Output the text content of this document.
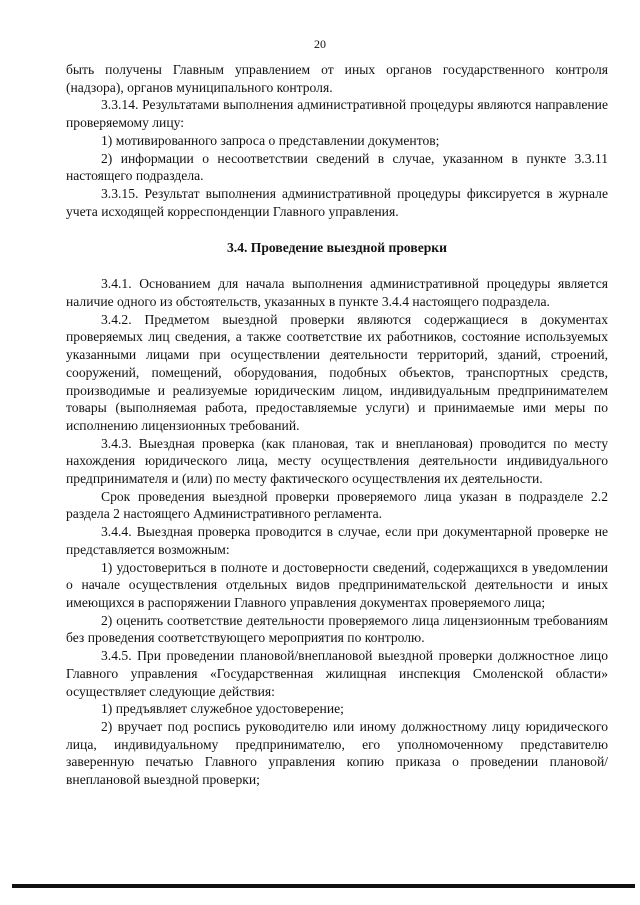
20

быть получены Главным управлением от иных органов государственного контроля (надзора), органов муниципального контроля.

3.3.14. Результатами выполнения административной процедуры являются направление проверяемому лицу:

1) мотивированного запроса о представлении документов;

2) информации о несоответствии сведений в случае, указанном в пункте 3.3.11 настоящего подраздела.

3.3.15. Результат выполнения административной процедуры фиксируется в журнале учета исходящей корреспонденции Главного управления.

3.4. Проведение выездной проверки

3.4.1. Основанием для начала выполнения административной процедуры является наличие одного из обстоятельств, указанных в пункте 3.4.4 настоящего подраздела.

3.4.2. Предметом выездной проверки являются содержащиеся в документах проверяемых лиц сведения, а также соответствие их работников, состояние используемых указанными лицами при осуществлении деятельности территорий, зданий, строений, сооружений, помещений, оборудования, подобных объектов, транспортных средств, производимые и реализуемые юридическим лицом, индивидуальным предпринимателем товары (выполняемая работа, предоставляемые услуги) и принимаемые ими меры по исполнению лицензионных требований.

3.4.3. Выездная проверка (как плановая, так и внеплановая) проводится по месту нахождения юридического лица, месту осуществления деятельности индивидуального предпринимателя и (или) по месту фактического осуществления их деятельности.

Срок проведения выездной проверки проверяемого лица указан в подразделе 2.2 раздела 2 настоящего Административного регламента.

3.4.4. Выездная проверка проводится в случае, если при документарной проверке не представляется возможным:

1) удостовериться в полноте и достоверности сведений, содержащихся в уведомлении о начале осуществления отдельных видов предпринимательской деятельности и иных имеющихся в распоряжении Главного управления документах проверяемого лица;

2) оценить соответствие деятельности проверяемого лица лицензионным требованиям без проведения соответствующего мероприятия по контролю.

3.4.5. При проведении плановой/внеплановой выездной проверки должностное лицо Главного управления «Государственная жилищная инспекция Смоленской области» осуществляет следующие действия:

1) предъявляет служебное удостоверение;

2) вручает под роспись руководителю или иному должностному лицу юридического лица, индивидуальному предпринимателю, его уполномоченному представителю заверенную печатью Главного управления копию приказа о проведении плановой/внеплановой выездной проверки;
